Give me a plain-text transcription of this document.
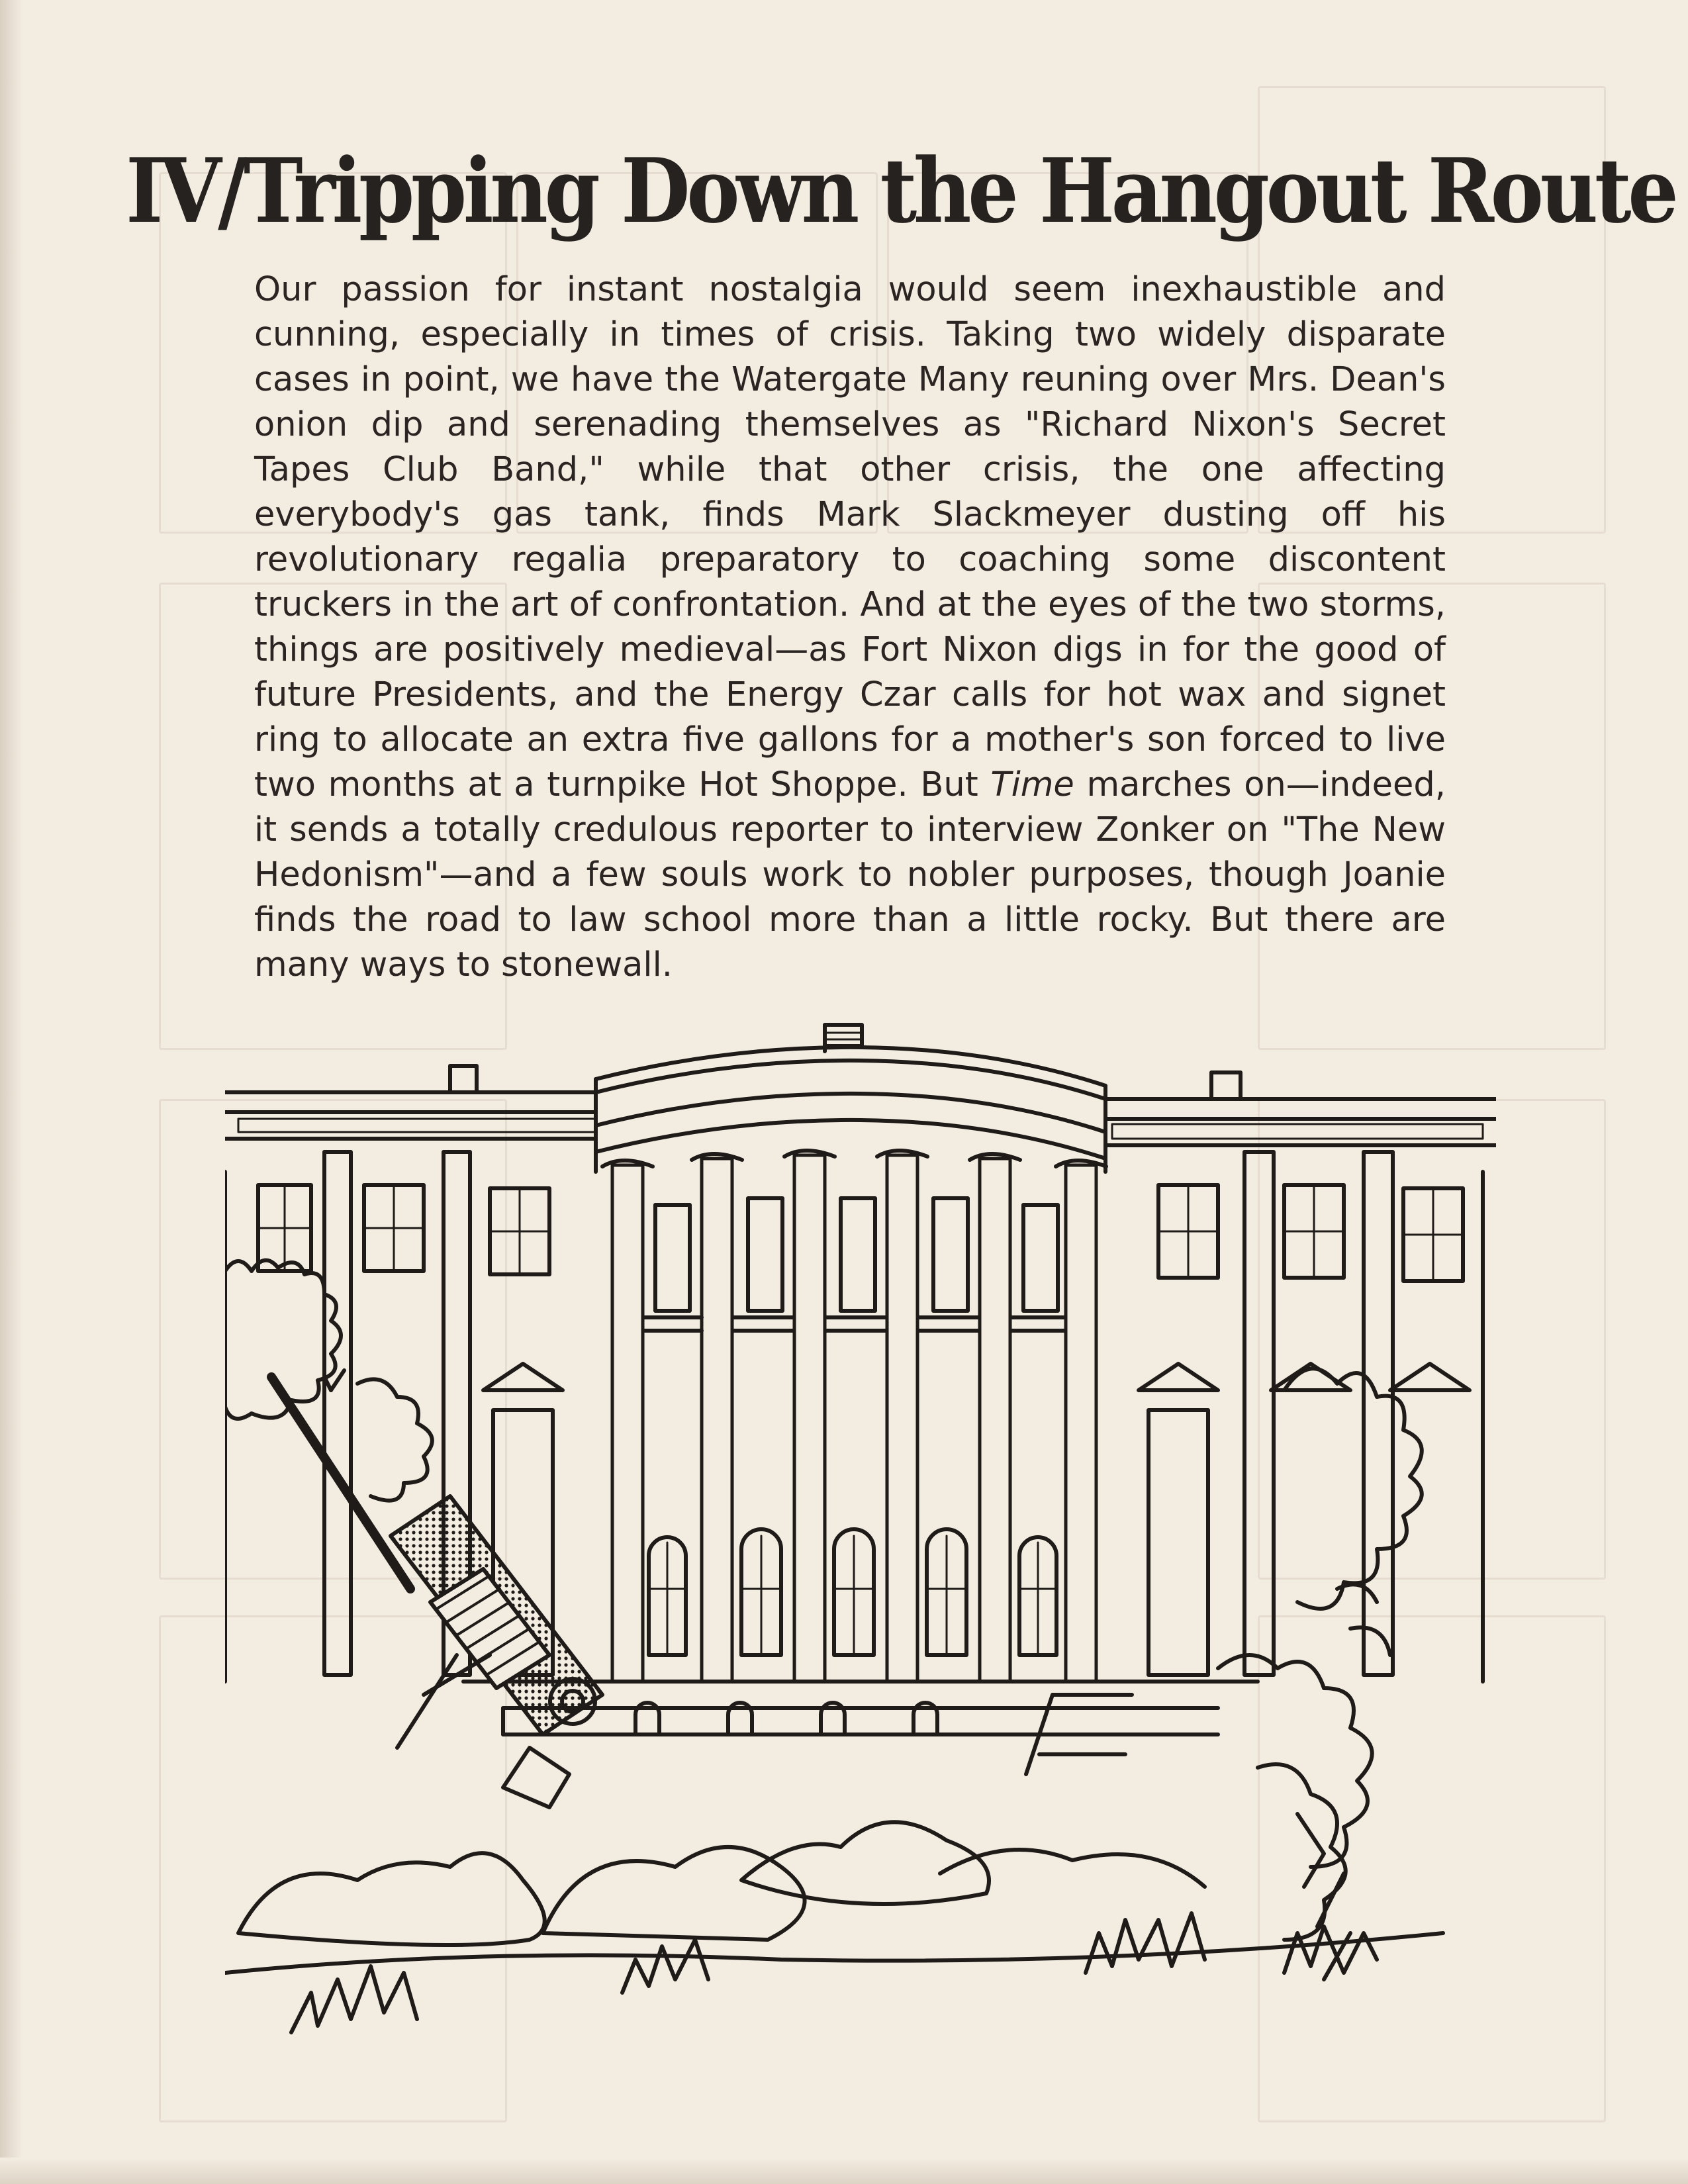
IV/Tripping Down the Hangout Route

Our passion for instant nostalgia would seem inexhaustible and cunning, especially in times of crisis. Taking two widely disparate cases in point, we have the Watergate Many reuning over Mrs. Dean's onion dip and serenading themselves as "Richard Nixon's Secret Tapes Club Band," while that other crisis, the one affecting everybody's gas tank, finds Mark Slackmeyer dusting off his revolutionary regalia preparatory to coaching some discontent truckers in the art of confrontation. And at the eyes of the two storms, things are positively medieval—as Fort Nixon digs in for the good of future Presidents, and the Energy Czar calls for hot wax and signet ring to allocate an extra five gallons for a mother's son forced to live two months at a turnpike Hot Shoppe. But Time marches on—indeed, it sends a totally credulous reporter to interview Zonker on "The New Hedonism"—and a few souls work to nobler purposes, though Joanie finds the road to law school more than a little rocky. But there are many ways to stonewall.
